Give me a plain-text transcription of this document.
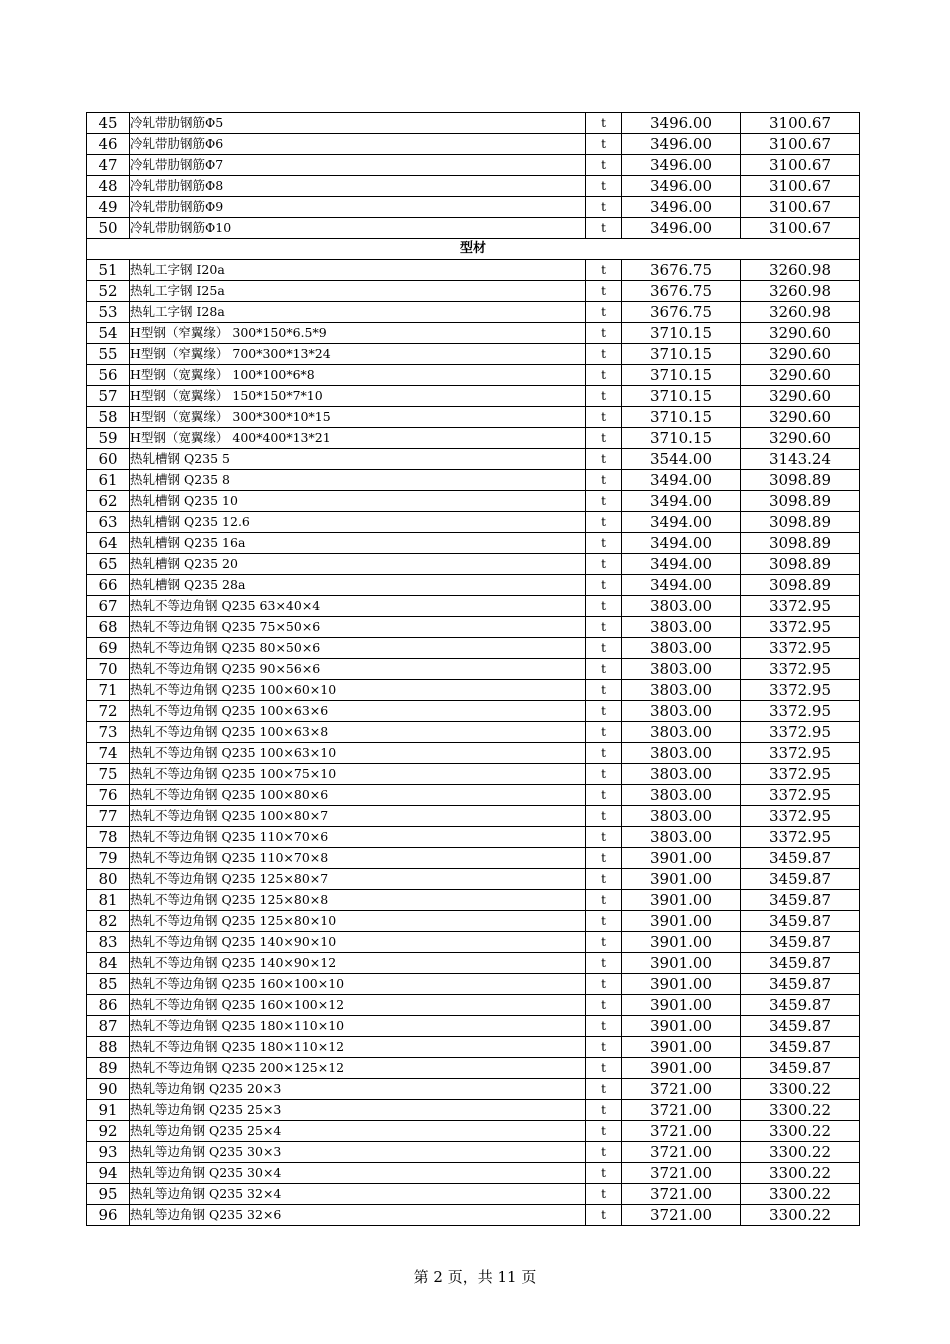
45	冷轧带肋钢筋Φ5	t	3496.00	3100.67
46	冷轧带肋钢筋Φ6	t	3496.00	3100.67
47	冷轧带肋钢筋Φ7	t	3496.00	3100.67
48	冷轧带肋钢筋Φ8	t	3496.00	3100.67
49	冷轧带肋钢筋Φ9	t	3496.00	3100.67
50	冷轧带肋钢筋Φ10	t	3496.00	3100.67
型材				
51	热轧工字钢 I20a	t	3676.75	3260.98
52	热轧工字钢 I25a	t	3676.75	3260.98
53	热轧工字钢 I28a	t	3676.75	3260.98
54	H型钢（窄翼缘） 300*150*6.5*9	t	3710.15	3290.60
55	H型钢（窄翼缘） 700*300*13*24	t	3710.15	3290.60
56	H型钢（宽翼缘） 100*100*6*8	t	3710.15	3290.60
57	H型钢（宽翼缘） 150*150*7*10	t	3710.15	3290.60
58	H型钢（宽翼缘） 300*300*10*15	t	3710.15	3290.60
59	H型钢（宽翼缘） 400*400*13*21	t	3710.15	3290.60
60	热轧槽钢 Q235 5	t	3544.00	3143.24
61	热轧槽钢 Q235 8	t	3494.00	3098.89
62	热轧槽钢 Q235 10	t	3494.00	3098.89
63	热轧槽钢 Q235 12.6	t	3494.00	3098.89
64	热轧槽钢 Q235 16a	t	3494.00	3098.89
65	热轧槽钢 Q235 20	t	3494.00	3098.89
66	热轧槽钢 Q235 28a	t	3494.00	3098.89
67	热轧不等边角钢 Q235 63×40×4	t	3803.00	3372.95
68	热轧不等边角钢 Q235 75×50×6	t	3803.00	3372.95
69	热轧不等边角钢 Q235 80×50×6	t	3803.00	3372.95
70	热轧不等边角钢 Q235 90×56×6	t	3803.00	3372.95
71	热轧不等边角钢 Q235 100×60×10	t	3803.00	3372.95
72	热轧不等边角钢 Q235 100×63×6	t	3803.00	3372.95
73	热轧不等边角钢 Q235 100×63×8	t	3803.00	3372.95
74	热轧不等边角钢 Q235 100×63×10	t	3803.00	3372.95
75	热轧不等边角钢 Q235 100×75×10	t	3803.00	3372.95
76	热轧不等边角钢 Q235 100×80×6	t	3803.00	3372.95
77	热轧不等边角钢 Q235 100×80×7	t	3803.00	3372.95
78	热轧不等边角钢 Q235 110×70×6	t	3803.00	3372.95
79	热轧不等边角钢 Q235 110×70×8	t	3901.00	3459.87
80	热轧不等边角钢 Q235 125×80×7	t	3901.00	3459.87
81	热轧不等边角钢 Q235 125×80×8	t	3901.00	3459.87
82	热轧不等边角钢 Q235 125×80×10	t	3901.00	3459.87
83	热轧不等边角钢 Q235 140×90×10	t	3901.00	3459.87
84	热轧不等边角钢 Q235 140×90×12	t	3901.00	3459.87
85	热轧不等边角钢 Q235 160×100×10	t	3901.00	3459.87
86	热轧不等边角钢 Q235 160×100×12	t	3901.00	3459.87
87	热轧不等边角钢 Q235 180×110×10	t	3901.00	3459.87
88	热轧不等边角钢 Q235 180×110×12	t	3901.00	3459.87
89	热轧不等边角钢 Q235 200×125×12	t	3901.00	3459.87
90	热轧等边角钢 Q235 20×3	t	3721.00	3300.22
91	热轧等边角钢 Q235 25×3	t	3721.00	3300.22
92	热轧等边角钢 Q235 25×4	t	3721.00	3300.22
93	热轧等边角钢 Q235 30×3	t	3721.00	3300.22
94	热轧等边角钢 Q235 30×4	t	3721.00	3300.22
95	热轧等边角钢 Q235 32×4	t	3721.00	3300.22
96	热轧等边角钢 Q235 32×6	t	3721.00	3300.22
第 2 页，共 11 页
